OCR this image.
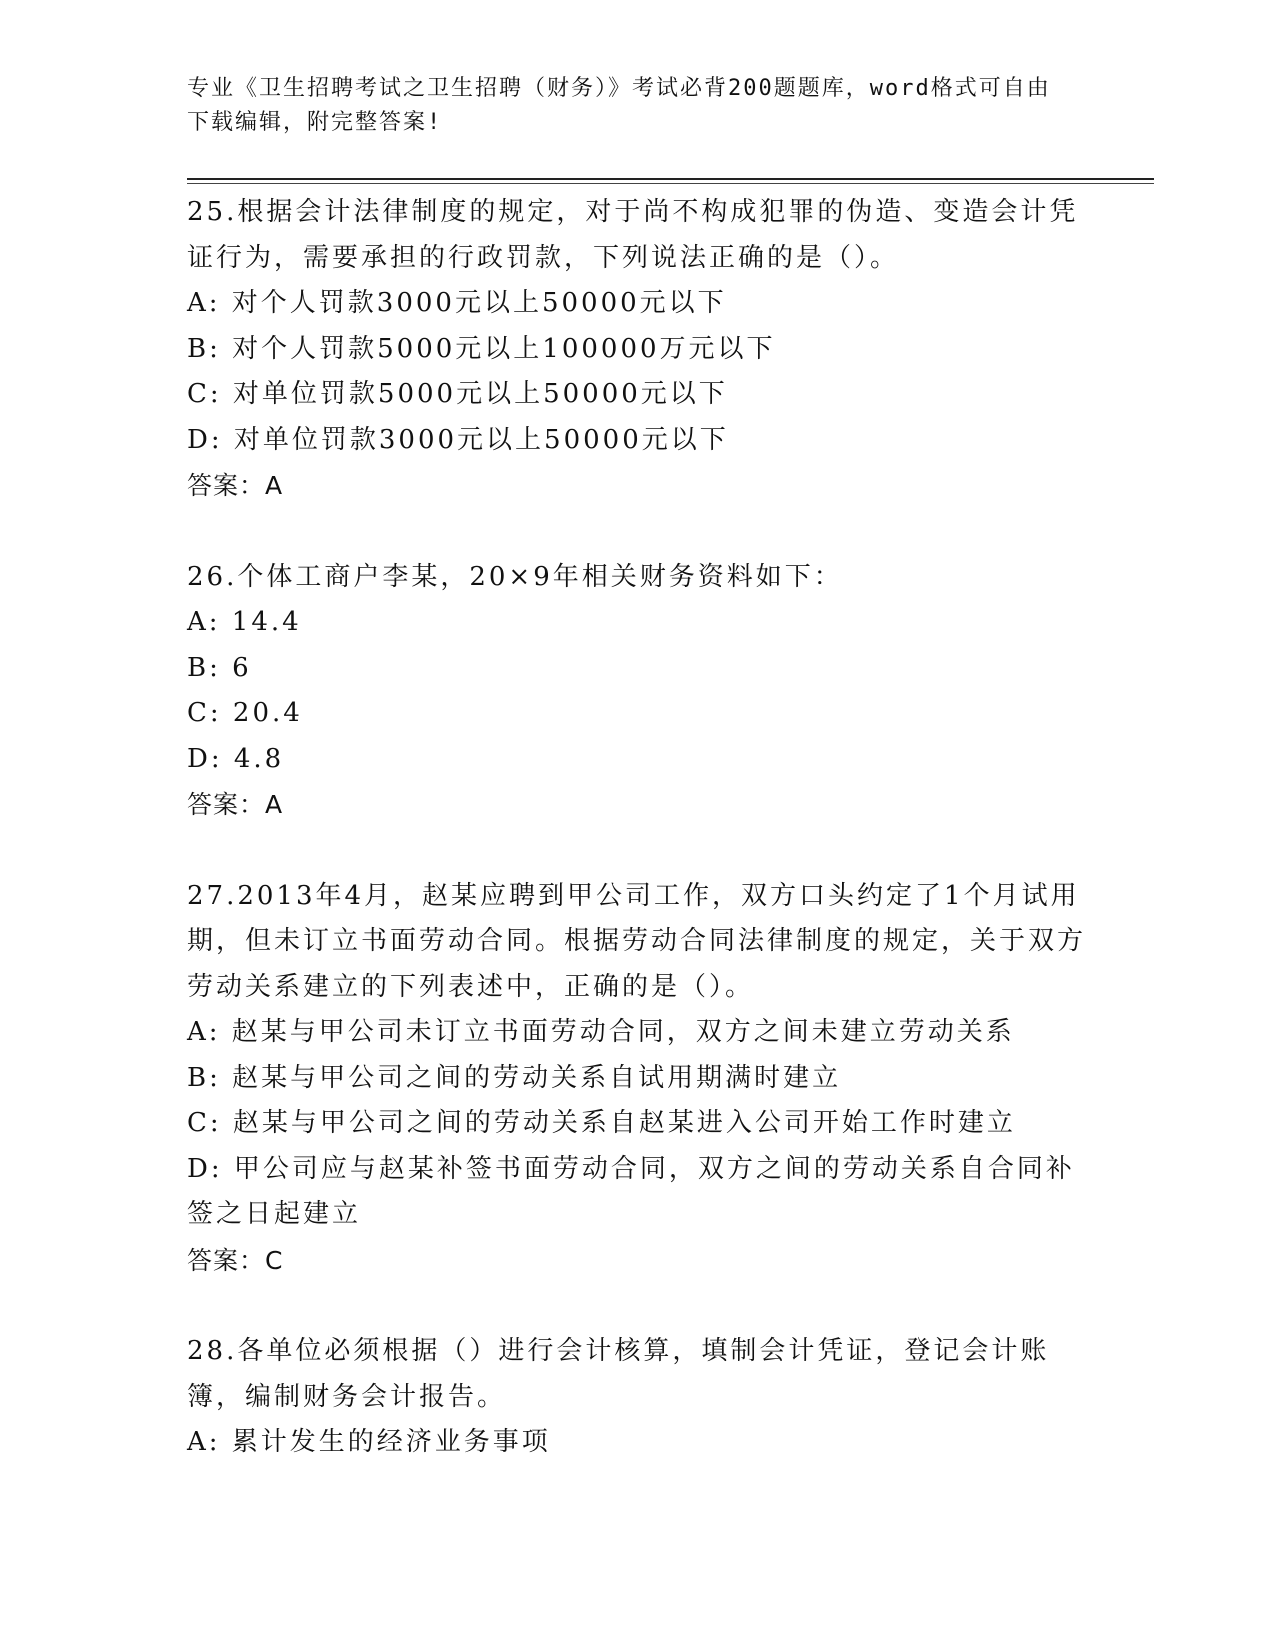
专业《卫生招聘考试之卫生招聘（财务）》考试必背200题题库，word格式可自由下载编辑，附完整答案!

25.根据会计法律制度的规定，对于尚不构成犯罪的伪造、变造会计凭证行为，需要承担的行政罚款，下列说法正确的是（）。

A: 对个人罚款3000元以上50000元以下

B: 对个人罚款5000元以上100000万元以下

C: 对单位罚款5000元以上50000元以下

D: 对单位罚款3000元以上50000元以下

答案：A

26.个体工商户李某，20×9年相关财务资料如下：

A: 14.4

B: 6

C: 20.4

D: 4.8

答案：A

27.2013年4月，赵某应聘到甲公司工作，双方口头约定了1个月试用期，但未订立书面劳动合同。根据劳动合同法律制度的规定，关于双方劳动关系建立的下列表述中，正确的是（）。

A: 赵某与甲公司未订立书面劳动合同，双方之间未建立劳动关系

B: 赵某与甲公司之间的劳动关系自试用期满时建立

C: 赵某与甲公司之间的劳动关系自赵某进入公司开始工作时建立

D: 甲公司应与赵某补签书面劳动合同，双方之间的劳动关系自合同补签之日起建立

答案：C

28.各单位必须根据（）进行会计核算，填制会计凭证，登记会计账簿，编制财务会计报告。

A: 累计发生的经济业务事项
